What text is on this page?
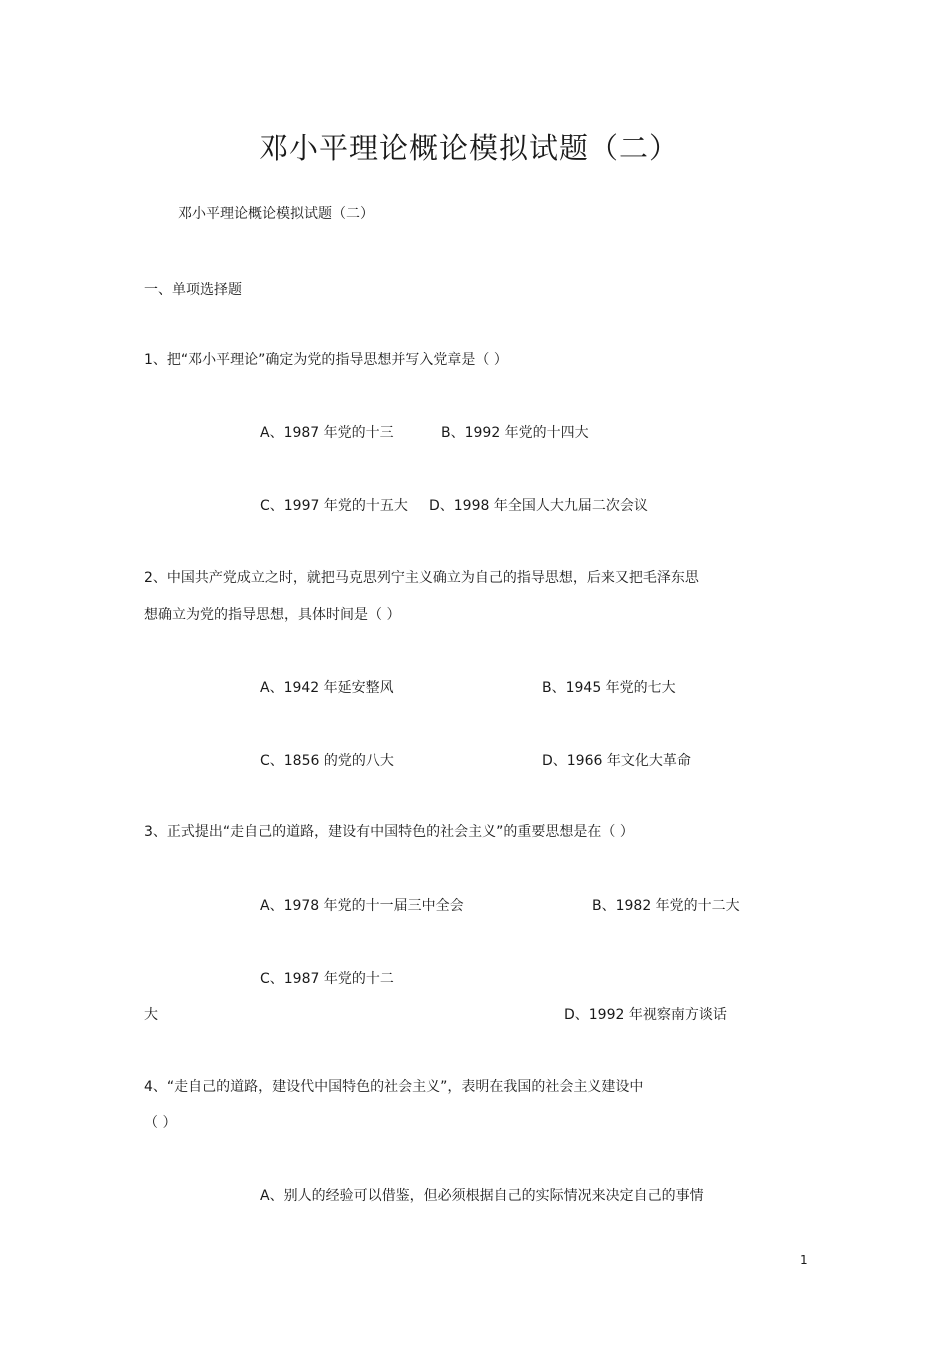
邓小平理论概论模拟试题（二）
邓小平理论概论模拟试题（二）
一、单项选择题
1、把“邓小平理论”确定为党的指导思想并写入党章是（ ）
A、1987 年党的十三	B、1992 年党的十四大
C、1997 年党的十五大 D、1998 年全国人大九届二次会议
2、中国共产党成立之时，就把马克思列宁主义确立为自己的指导思想，后来又把毛泽东思
想确立为党的指导思想，具体时间是（ ）
A、1942 年延安整风	B、1945 年党的七大
C、1856 的党的八大	D、1966 年文化大革命
3、正式提出“走自己的道路，建设有中国特色的社会主义”的重要思想是在（ ）
A、1978 年党的十一届三中全会	B、1982 年党的十二大
C、1987 年党的十二
大	D、1992 年视察南方谈话
4、“走自己的道路，建设代中国特色的社会主义”，表明在我国的社会主义建设中
（ ）
A、别人的经验可以借鉴，但必须根据自己的实际情况来决定自己的事情
1
